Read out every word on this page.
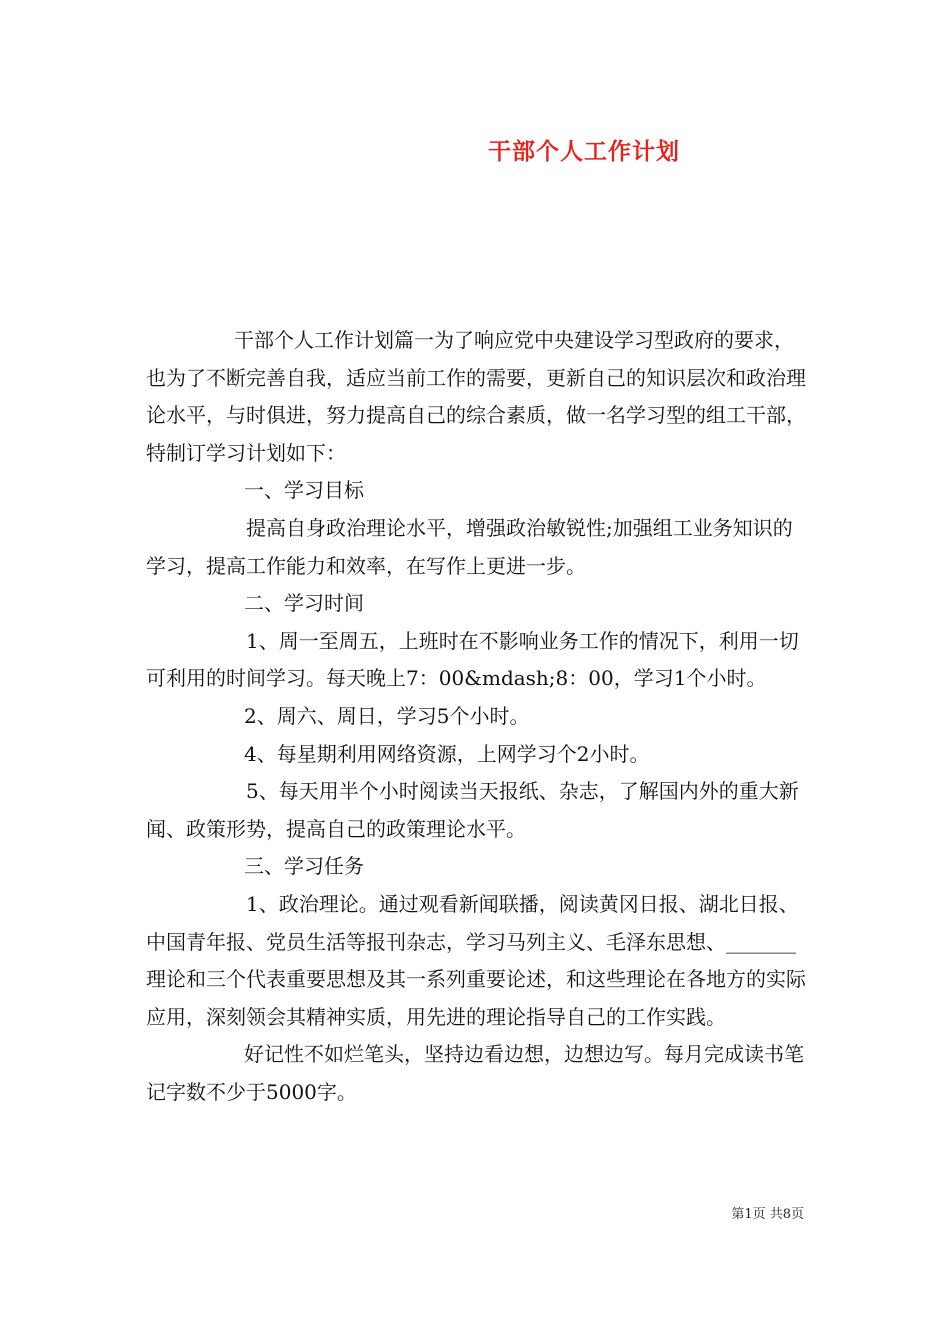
干部个人工作计划

干部个人工作计划篇一为了响应党中央建设学习型政府的要求，也为了不断完善自我，适应当前工作的需要，更新自己的知识层次和政治理论水平，与时俱进，努力提高自己的综合素质，做一名学习型的组工干部，特制订学习计划如下：

一、学习目标

提高自身政治理论水平，增强政治敏锐性;加强组工业务知识的学习，提高工作能力和效率，在写作上更进一步。

二、学习时间

1、周一至周五，上班时在不影响业务工作的情况下，利用一切可利用的时间学习。每天晚上7：00&mdash;8：00，学习1个小时。

2、周六、周日，学习5个小时。

4、每星期利用网络资源，上网学习个2小时。

5、每天用半个小时阅读当天报纸、杂志，了解国内外的重大新闻、政策形势，提高自己的政策理论水平。

三、学习任务

1、政治理论。通过观看新闻联播，阅读黄冈日报、湖北日报、中国青年报、党员生活等报刊杂志，学习马列主义、毛泽东思想、_______理论和三个代表重要思想及其一系列重要论述，和这些理论在各地方的实际应用，深刻领会其精神实质，用先进的理论指导自己的工作实践。

好记性不如烂笔头，坚持边看边想，边想边写。每月完成读书笔记字数不少于5000字。

第1页 共8页
